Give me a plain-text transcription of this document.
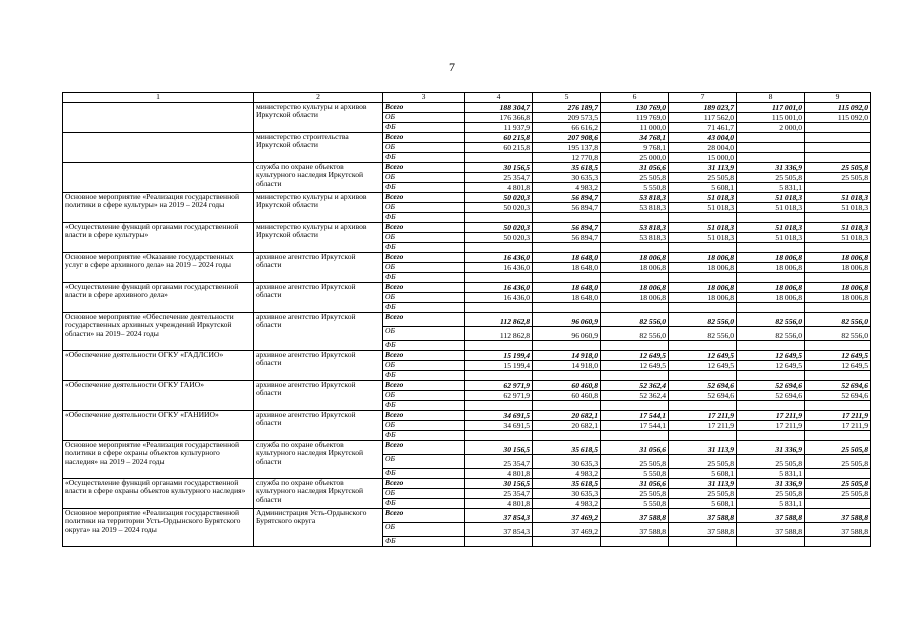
7
1	2	3	4	5	6	7	8	9
	министерство культуры и архивов Иркутской области	Всего	188 304,7	276 189,7	130 769,0	189 023,7	117 001,0	115 092,0
		ОБ	176 366,8	209 573,5	119 769,0	117 562,0	115 001,0	115 092,0
		ФБ	11 937,9	66 616,2	11 000,0	71 461,7	2 000,0	
	министерство строительства Иркутской области	Всего	60 215,8	207 908,6	34 768,1	43 004,0		
		ОБ	60 215,8	195 137,8	9 768,1	28 004,0		
		ФБ		12 770,8	25 000,0	15 000,0		
	служба по охране объектов культурного наследия Иркутской области	Всего	30 156,5	35 618,5	31 056,6	31 113,9	31 336,9	25 505,8
		ОБ	25 354,7	30 635,3	25 505,8	25 505,8	25 505,8	25 505,8
		ФБ	4 801,8	4 983,2	5 550,8	5 608,1	5 831,1	
Основное мероприятие «Реализация государственной политики в сфере культуры» на 2019 – 2024 годы	министерство культуры и архивов Иркутской области	Всего	50 020,3	56 894,7	53 818,3	51 018,3	51 018,3	51 018,3
		ОБ	50 020,3	56 894,7	53 818,3	51 018,3	51 018,3	51 018,3
		ФБ						
«Осуществление функций органами государственной власти в сфере культуры»	министерство культуры и архивов Иркутской области	Всего	50 020,3	56 894,7	53 818,3	51 018,3	51 018,3	51 018,3
		ОБ	50 020,3	56 894,7	53 818,3	51 018,3	51 018,3	51 018,3
		ФБ						
Основное мероприятие «Оказание государственных услуг в сфере архивного дела» на 2019 – 2024 годы	архивное агентство Иркутской области	Всего	16 436,0	18 648,0	18 006,8	18 006,8	18 006,8	18 006,8
		ОБ	16 436,0	18 648,0	18 006,8	18 006,8	18 006,8	18 006,8
		ФБ						
«Осуществление функций органами государственной власти в сфере архивного дела»	архивное агентство Иркутской области	Всего	16 436,0	18 648,0	18 006,8	18 006,8	18 006,8	18 006,8
		ОБ	16 436,0	18 648,0	18 006,8	18 006,8	18 006,8	18 006,8
		ФБ						
Основное мероприятие «Обеспечение деятельности государственных архивных учреждений Иркутской области» на 2019– 2024 годы	архивное агентство Иркутской области	Всего	112 862,8	96 060,9	82 556,0	82 556,0	82 556,0	82 556,0
		ОБ	112 862,8	96 060,9	82 556,0	82 556,0	82 556,0	82 556,0
		ФБ						
«Обеспечение деятельности ОГКУ «ГАДЛСИО»	архивное агентство Иркутской области	Всего	15 199,4	14 918,0	12 649,5	12 649,5	12 649,5	12 649,5
		ОБ	15 199,4	14 918,0	12 649,5	12 649,5	12 649,5	12 649,5
		ФБ						
«Обеспечение деятельности ОГКУ ГАИО»	архивное агентство Иркутской области	Всего	62 971,9	60 460,8	52 362,4	52 694,6	52 694,6	52 694,6
		ОБ	62 971,9	60 460,8	52 362,4	52 694,6	52 694,6	52 694,6
		ФБ						
«Обеспечение деятельности ОГКУ «ГАНИИО»	архивное агентство Иркутской области	Всего	34 691,5	20 682,1	17 544,1	17 211,9	17 211,9	17 211,9
		ОБ	34 691,5	20 682,1	17 544,1	17 211,9	17 211,9	17 211,9
		ФБ						
Основное мероприятие «Реализация государственной политики в сфере охраны объектов культурного наследия» на 2019 – 2024 годы	служба по охране объектов культурного наследия Иркутской области	Всего	30 156,5	35 618,5	31 056,6	31 113,9	31 336,9	25 505,8
		ОБ	25 354,7	30 635,3	25 505,8	25 505,8	25 505,8	25 505,8
		ФБ	4 801,8	4 983,2	5 550,8	5 608,1	5 831,1	
«Осуществление функций органами государственной власти в сфере охраны объектов культурного наследия»	служба по охране объектов культурного наследия Иркутской области	Всего	30 156,5	35 618,5	31 056,6	31 113,9	31 336,9	25 505,8
		ОБ	25 354,7	30 635,3	25 505,8	25 505,8	25 505,8	25 505,8
		ФБ	4 801,8	4 983,2	5 550,8	5 608,1	5 831,1	
Основное мероприятие «Реализация государственной политики на территории Усть-Ордынского Бурятского округа» на 2019 – 2024 годы	Администрация Усть-Ордынского Бурятского округа	Всего	37 854,3	37 469,2	37 588,8	37 588,8	37 588,8	37 588,8
		ОБ	37 854,3	37 469,2	37 588,8	37 588,8	37 588,8	37 588,8
		ФБ						
